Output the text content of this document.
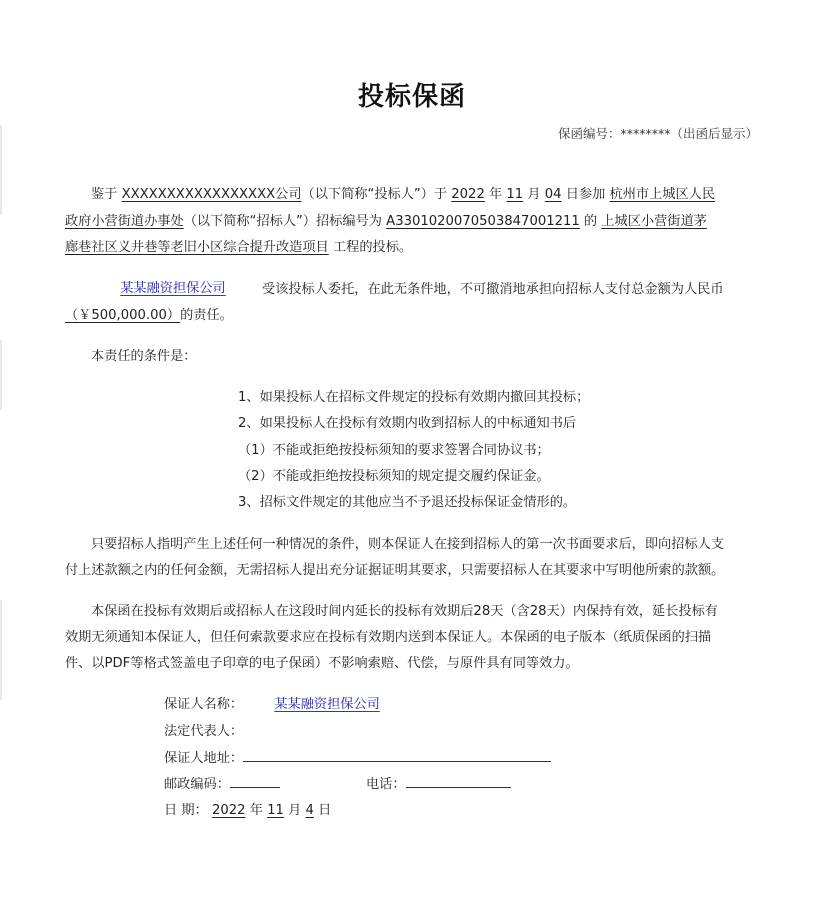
投标保函
保函编号：********（出函后显示）
鉴于 XXXXXXXXXXXXXXXXX公司（以下简称“投标人”）于 2022 年 11 月 04 日参加 杭州市上城区人民
政府小营街道办事处（以下简称“招标人”）招标编号为 A3301020070503847001211 的 上城区小营街道茅
廊巷社区义井巷等老旧小区综合提升改造项目 工程的投标。
某某融资担保公司	受该投标人委托，在此无条件地，不可撤消地承担向招标人支付总金额为人民币
（￥500,000.00）的责任。
本责任的条件是：
1、如果投标人在招标文件规定的投标有效期内撤回其投标；
2、如果投标人在投标有效期内收到招标人的中标通知书后
（1）不能或拒绝按投标须知的要求签署合同协议书；
（2）不能或拒绝按投标须知的规定提交履约保证金。
3、招标文件规定的其他应当不予退还投标保证金情形的。
只要招标人指明产生上述任何一种情况的条件，则本保证人在接到招标人的第一次书面要求后，即向招标人支
付上述款额之内的任何金额，无需招标人提出充分证据证明其要求，只需要招标人在其要求中写明他所索的款额。
本保函在投标有效期后或招标人在这段时间内延长的投标有效期后28天（含28天）内保持有效，延长投标有
效期无须通知本保证人，但任何索款要求应在投标有效期内送到本保证人。本保函的电子版本（纸质保函的扫描
件、以PDF等格式签盖电子印章的电子保函）不影响索赔、代偿，与原件具有同等效力。
保证人名称： 某某融资担保公司
法定代表人：
保证人地址：
邮政编码：	电话：
日 期： 2022 年 11 月 4 日
